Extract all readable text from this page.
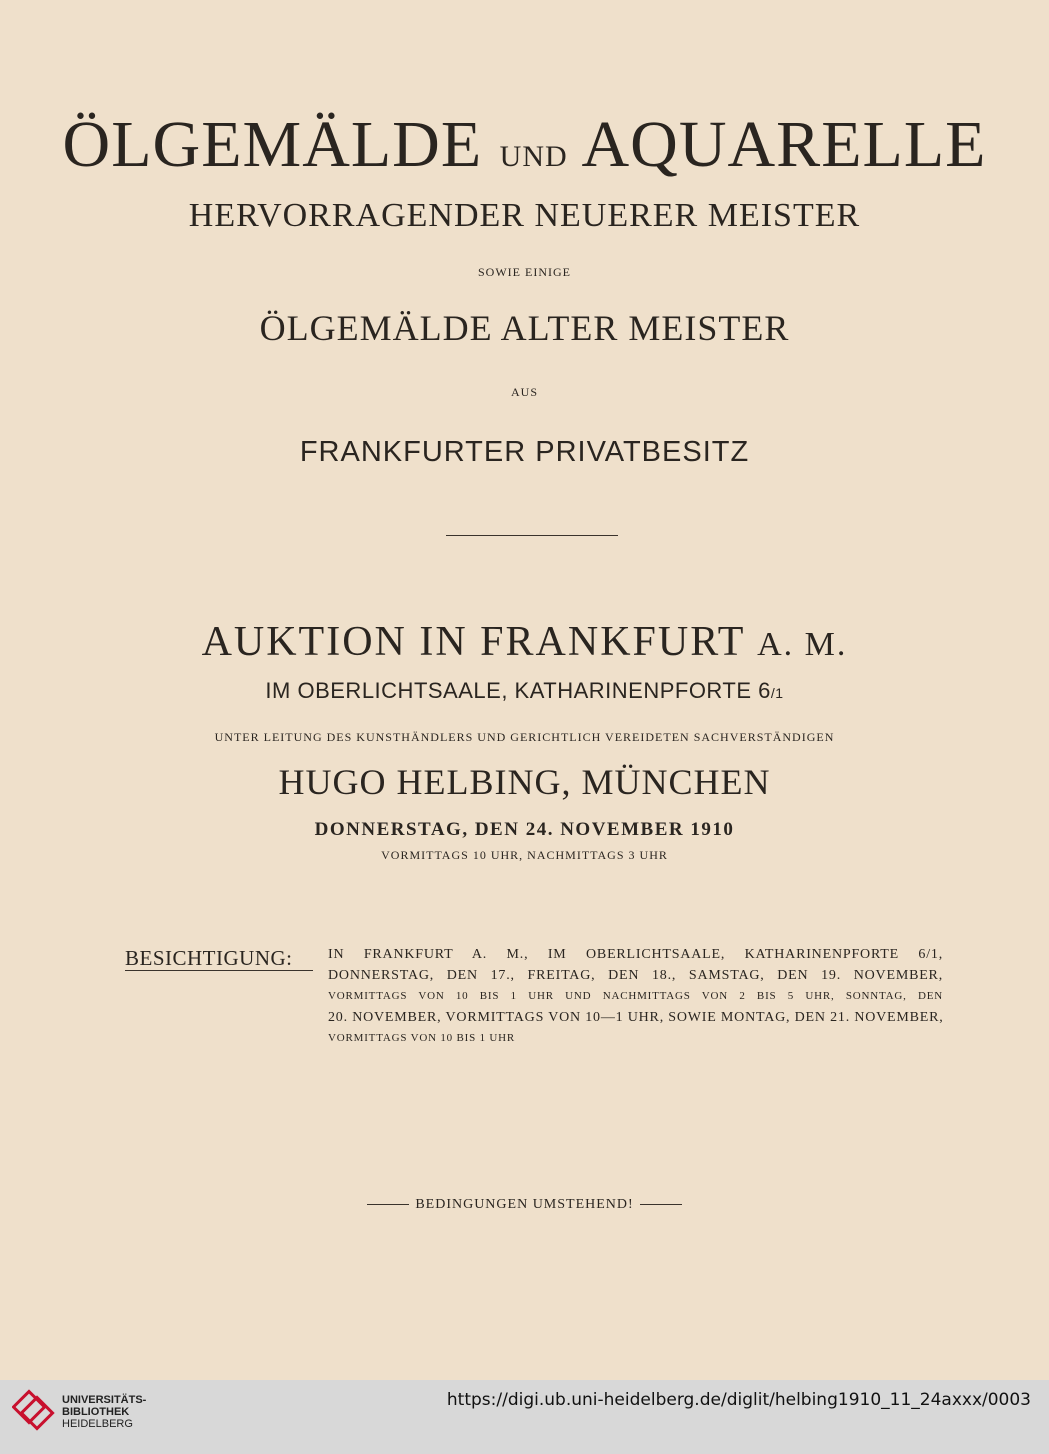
ÖLGEMÄLDE UND AQUARELLE
HERVORRAGENDER NEUERER MEISTER
SOWIE EINIGE
ÖLGEMÄLDE ALTER MEISTER
AUS
FRANKFURTER PRIVATBESITZ
AUKTION IN FRANKFURT A. M.
IM OBERLICHTSAALE, KATHARINENPFORTE 6/1
UNTER LEITUNG DES KUNSTHÄNDLERS UND GERICHTLICH VEREIDETEN SACHVERSTÄNDIGEN
HUGO HELBING, MÜNCHEN
DONNERSTAG, DEN 24. NOVEMBER 1910
VORMITTAGS 10 UHR, NACHMITTAGS 3 UHR
BESICHTIGUNG:	IN FRANKFURT A. M., IM OBERLICHTSAALE, KATHARINENPFORTE 6/1,
DONNERSTAG, DEN 17., FREITAG, DEN 18., SAMSTAG, DEN 19. NOVEMBER,
VORMITTAGS VON 10 BIS 1 UHR UND NACHMITTAGS VON 2 BIS 5 UHR, SONNTAG, DEN
20. NOVEMBER, VORMITTAGS VON 10—1 UHR, SOWIE MONTAG, DEN 21. NOVEMBER,
VORMITTAGS VON 10 BIS 1 UHR
BEDINGUNGEN UMSTEHEND!
UNIVERSITÄTS-
BIBLIOTHEK
HEIDELBERG
https://digi.ub.uni-heidelberg.de/diglit/helbing1910_11_24axxx/0003
